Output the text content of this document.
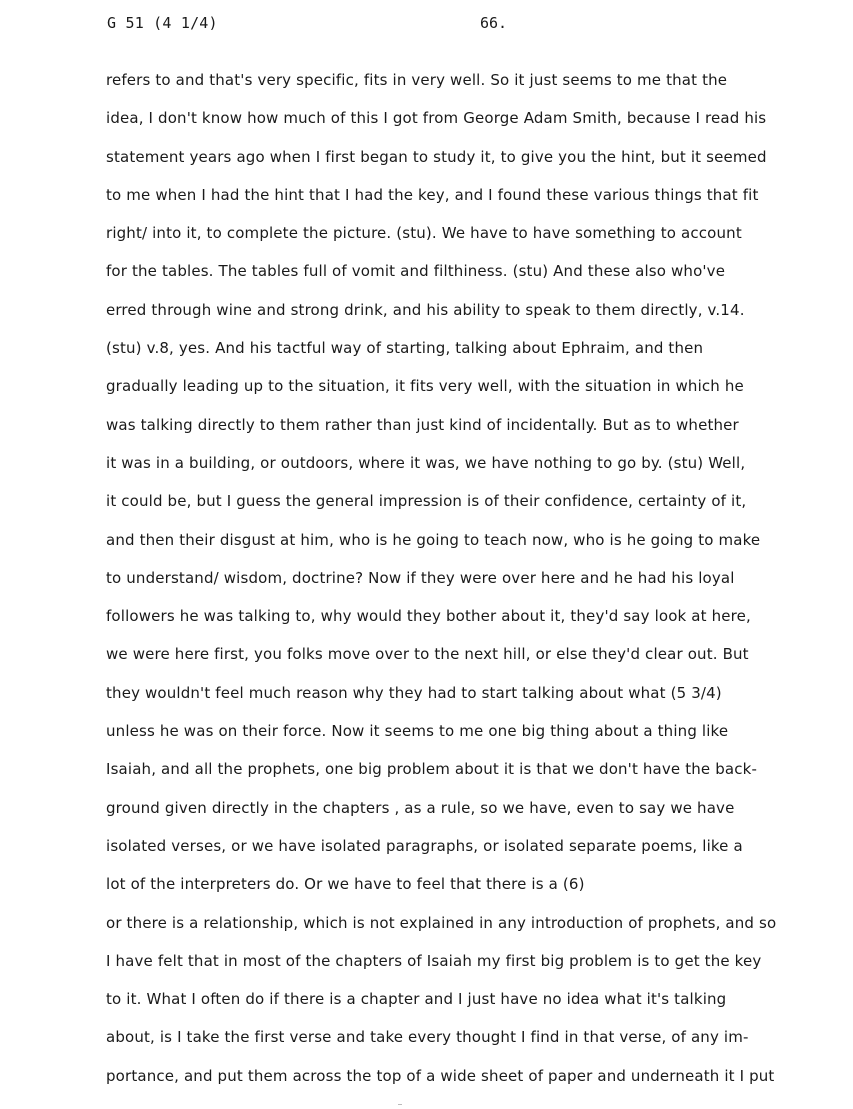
G 51 (4 1/4)	66.
refers to and that's very specific, fits in very well. So it just seems to me that the
idea, I don't know how much of this I got from George Adam Smith, because I read his
statement years ago when I first began to study it, to give you the hint, but it seemed
to me when I had the hint that I had the key, and I found these various things that fit
right/ into it, to complete the picture. (stu). We have to have something to account
for the tables. The tables full of vomit and filthiness. (stu) And these also who've
erred through wine and strong drink, and his ability to speak to them directly, v.14.
(stu) v.8, yes. And his tactful way of starting, talking about Ephraim, and then
gradually leading up to the situation, it fits very well, with the situation in which he
was talking directly to them rather than just kind of incidentally. But as to whether
it was in a building, or outdoors, where it was, we have nothing to go by. (stu) Well,
it could be, but I guess the general impression is of their confidence, certainty of it,
and then their disgust at him, who is he going to teach now, who is he going to make
to understand/ wisdom, doctrine? Now if they were over here and he had his loyal
followers he was talking to, why would they bother about it, they'd say look at here,
we were here first, you folks move over to the next hill, or else they'd clear out. But
they wouldn't feel much reason why they had to start talking about what (5 3/4)
unless he was on their force. Now it seems to me one big thing about a thing like
Isaiah, and all the prophets, one big problem about it is that we don't have the back-
ground given directly in the chapters , as a rule, so we have, even to say we have
isolated verses, or we have isolated paragraphs, or isolated separate poems, like a
lot of the interpreters do. Or we have to feel that there is a (6)
or there is a relationship, which is not explained in any introduction of prophets, and so
I have felt that in most of the chapters of Isaiah my first big problem is to get the key
to it. What I often do if there is a chapter and I just have no idea what it's talking
about, is I take the first verse and take every thought I find in that verse, of any im-
portance, and put them across the top of a wide sheet of paper and underneath it I put
